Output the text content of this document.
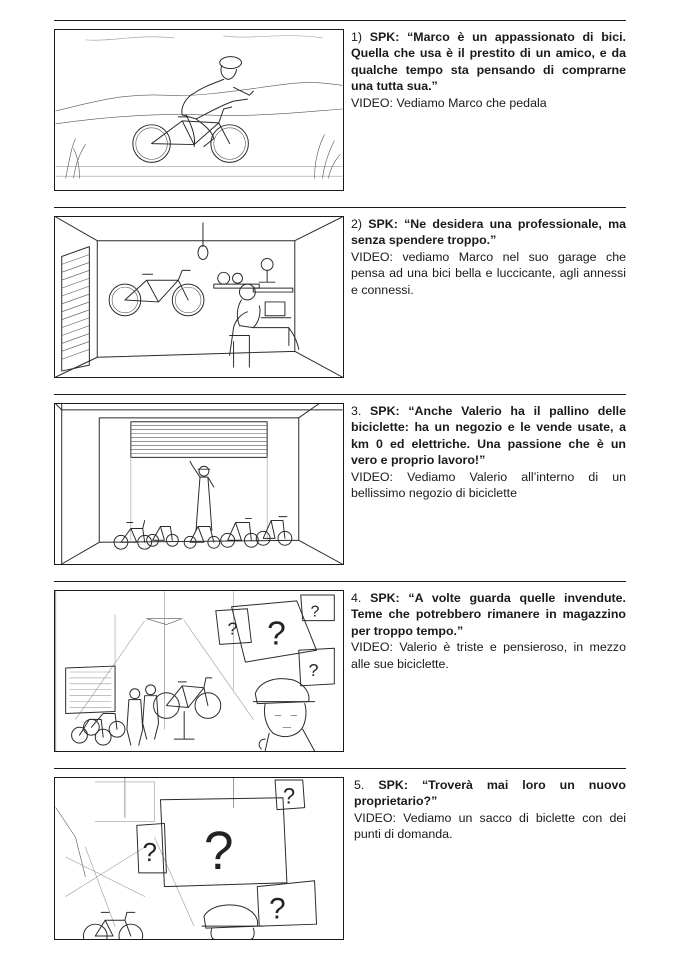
1) SPK: “Marco è un appassionato di bici. Quella che usa è il prestito di un amico, e da qualche tempo sta pensando di comprarne una tutta sua.”
VIDEO: Vediamo Marco che pedala
2) SPK: “Ne desidera una professionale, ma senza spendere troppo.”
VIDEO: vediamo Marco nel suo garage che pensa ad una bici bella e luccicante, agli annessi e connessi.
3. SPK: “Anche Valerio ha il pallino delle biciclette: ha un negozio e le vende usate, a km 0 ed elettriche. Una passione che è un vero e proprio lavoro!”
VIDEO: Vediamo Valerio all’interno di un bellissimo negozio di biciclette
?
?
?
?
4. SPK: “A volte guarda quelle invendute. Teme che potrebbero rimanere in magazzino per troppo tempo.”
VIDEO: Valerio è triste e pensieroso, in mezzo alle sue biciclette.
?
?
?
?
5. SPK: “Troverà mai loro un nuovo proprietario?”
VIDEO: Vediamo un sacco di biclette con dei punti di domanda.
